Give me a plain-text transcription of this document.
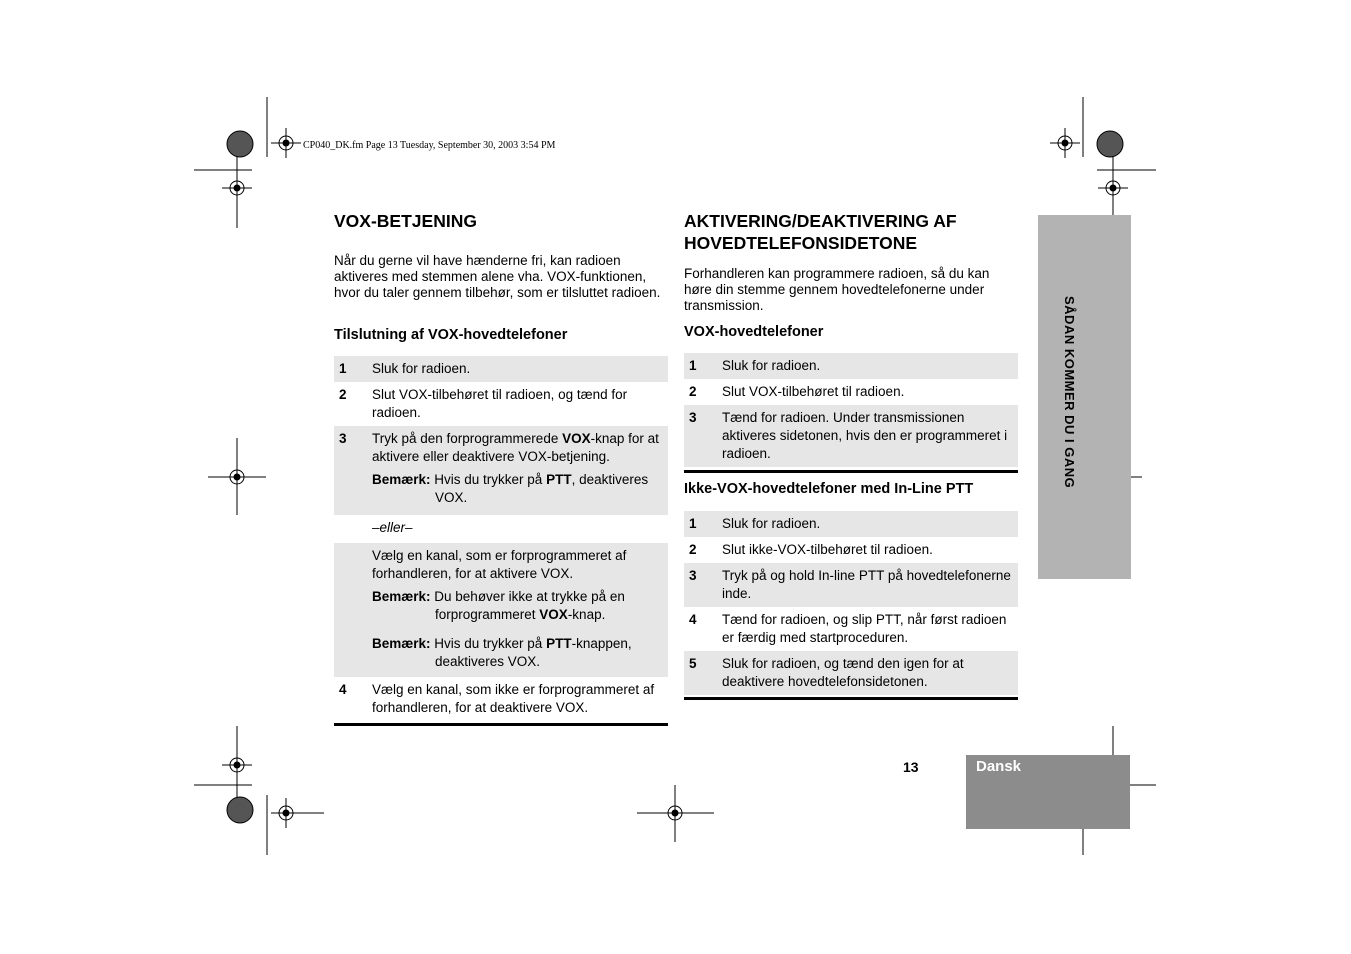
CP040_DK.fm Page 13 Tuesday, September 30, 2003 3:54 PM
VOX-BETJENING
Når du gerne vil have hænderne fri, kan radioen aktiveres med stemmen alene vha. VOX-funktionen, hvor du taler gennem tilbehør, som er tilsluttet radioen.
Tilslutning af VOX-hovedtelefoner
1	Sluk for radioen.
2	Slut VOX-tilbehøret til radioen, og tænd for radioen.
3	Tryk på den forprogrammerede VOX-knap for at aktivere eller deaktivere VOX-betjening.
Bemærk: Hvis du trykker på PTT, deaktiveres VOX.
–eller–
Vælg en kanal, som er forprogrammeret af forhandleren, for at aktivere VOX.
Bemærk: Du behøver ikke at trykke på en forprogrammeret VOX-knap.
Bemærk: Hvis du trykker på PTT-knappen, deaktiveres VOX.
4	Vælg en kanal, som ikke er forprogrammeret af forhandleren, for at deaktivere VOX.
AKTIVERING/DEAKTIVERING AF
HOVEDTELEFONSIDETONE
Forhandleren kan programmere radioen, så du kan høre din stemme gennem hovedtelefonerne under transmission.
VOX-hovedtelefoner
1	Sluk for radioen.
2	Slut VOX-tilbehøret til radioen.
3	Tænd for radioen. Under transmissionen aktiveres sidetonen, hvis den er programmeret i radioen.
Ikke-VOX-hovedtelefoner med In-Line PTT
1	Sluk for radioen.
2	Slut ikke-VOX-tilbehøret til radioen.
3	Tryk på og hold In-line PTT på hovedtelefonerne inde.
4	Tænd for radioen, og slip PTT, når først radioen er færdig med startproceduren.
5	Sluk for radioen, og tænd den igen for at deaktivere hovedtelefonsidetonen.
SÅDAN KOMMER DU I GANG
13	Dansk
